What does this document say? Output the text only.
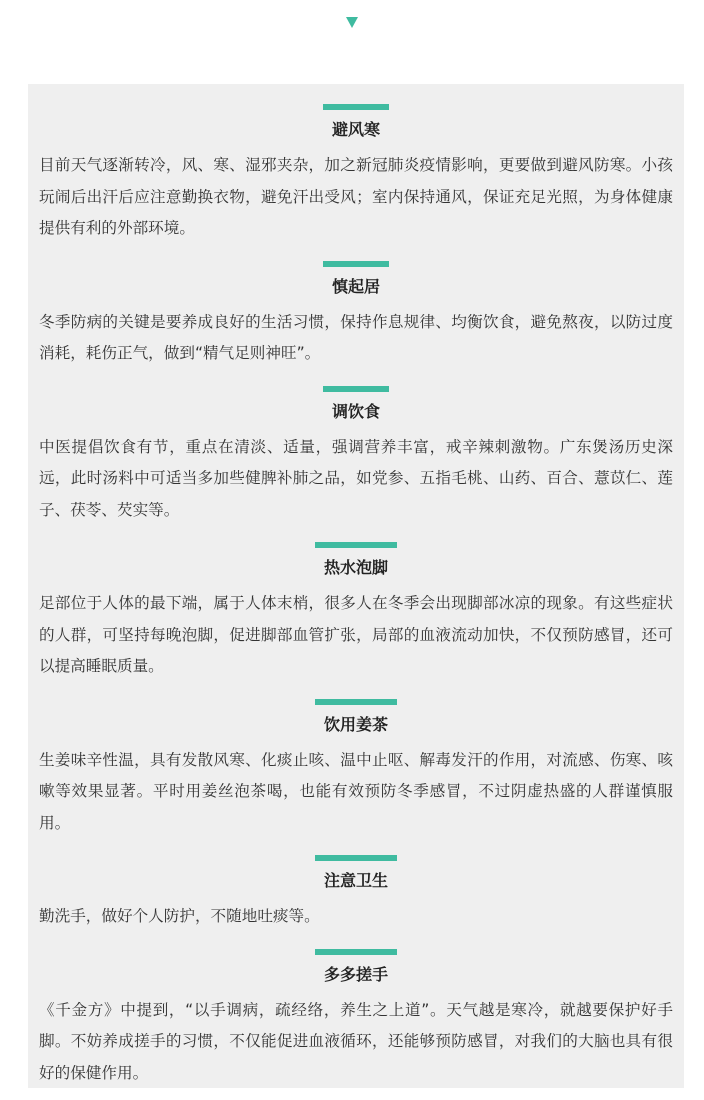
避风寒

目前天气逐渐转冷，风、寒、湿邪夹杂，加之新冠肺炎疫情影响，更要做到避风防寒。小孩玩闹后出汗后应注意勤换衣物，避免汗出受风；室内保持通风，保证充足光照，为身体健康提供有利的外部环境。

慎起居

冬季防病的关键是要养成良好的生活习惯，保持作息规律、均衡饮食，避免熬夜，以防过度消耗，耗伤正气，做到“精气足则神旺”。

调饮食

中医提倡饮食有节，重点在清淡、适量，强调营养丰富，戒辛辣刺激物。广东煲汤历史深远，此时汤料中可适当多加些健脾补肺之品，如党参、五指毛桃、山药、百合、薏苡仁、莲子、茯苓、芡实等。

热水泡脚

足部位于人体的最下端，属于人体末梢，很多人在冬季会出现脚部冰凉的现象。有这些症状的人群，可坚持每晚泡脚，促进脚部血管扩张，局部的血液流动加快，不仅预防感冒，还可以提高睡眠质量。

饮用姜茶

生姜味辛性温，具有发散风寒、化痰止咳、温中止呕、解毒发汗的作用，对流感、伤寒、咳嗽等效果显著。平时用姜丝泡茶喝，也能有效预防冬季感冒，不过阴虚热盛的人群谨慎服用。

注意卫生

勤洗手，做好个人防护，不随地吐痰等。

多多搓手

《千金方》中提到，“以手调病，疏经络，养生之上道”。天气越是寒冷，就越要保护好手脚。不妨养成搓手的习惯，不仅能促进血液循环，还能够预防感冒，对我们的大脑也具有很好的保健作用。
